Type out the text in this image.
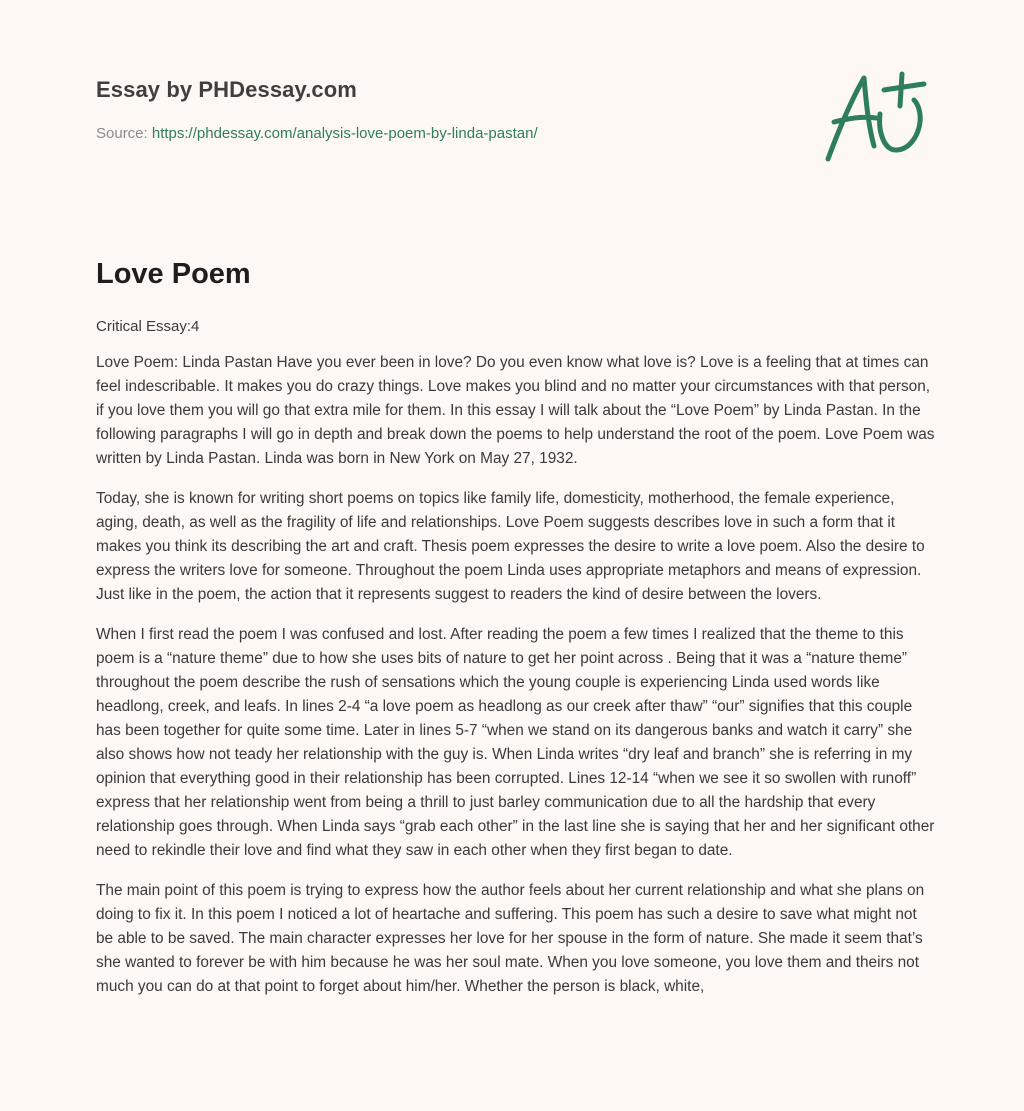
Essay by PHDessay.com
Source: https://phdessay.com/analysis-love-poem-by-linda-pastan/
Love Poem
Critical Essay:4

Love Poem: Linda Pastan Have you ever been in love? Do you even know what love is? Love is a feeling that at times can feel indescribable. It makes you do crazy things. Love makes you blind and no matter your circumstances with that person, if you love them you will go that extra mile for them. In this essay I will talk about the “Love Poem” by Linda Pastan. In the following paragraphs I will go in depth and break down the poems to help understand the root of the poem. Love Poem was written by Linda Pastan. Linda was born in New York on May 27, 1932.

Today, she is known for writing short poems on topics like family life, domesticity, motherhood, the female experience, aging, death, as well as the fragility of life and relationships. Love Poem suggests describes love in such a form that it makes you think its describing the art and craft. Thesis poem expresses the desire to write a love poem. Also the desire to express the writers love for someone. Throughout the poem Linda uses appropriate metaphors and means of expression. Just like in the poem, the action that it represents suggest to readers the kind of desire between the lovers.

When I first read the poem I was confused and lost. After reading the poem a few times I realized that the theme to this poem is a “nature theme” due to how she uses bits of nature to get her point across . Being that it was a “nature theme” throughout the poem describe the rush of sensations which the young couple is experiencing Linda used words like headlong, creek, and leafs. In lines 2-4 “a love poem as headlong as our creek after thaw” “our” signifies that this couple has been together for quite some time. Later in lines 5-7 “when we stand on its dangerous banks and watch it carry” she also shows how not teady her relationship with the guy is. When Linda writes “dry leaf and branch” she is referring in my opinion that everything good in their relationship has been corrupted. Lines 12-14 “when we see it so swollen with runoff” express that her relationship went from being a thrill to just barley communication due to all the hardship that every relationship goes through. When Linda says “grab each other” in the last line she is saying that her and her significant other need to rekindle their love and find what they saw in each other when they first began to date.

The main point of this poem is trying to express how the author feels about her current relationship and what she plans on doing to fix it. In this poem I noticed a lot of heartache and suffering. This poem has such a desire to save what might not be able to be saved. The main character expresses her love for her spouse in the form of nature. She made it seem that’s she wanted to forever be with him because he was her soul mate. When you love someone, you love them and theirs not much you can do at that point to forget about him/her. Whether the person is black, white,
